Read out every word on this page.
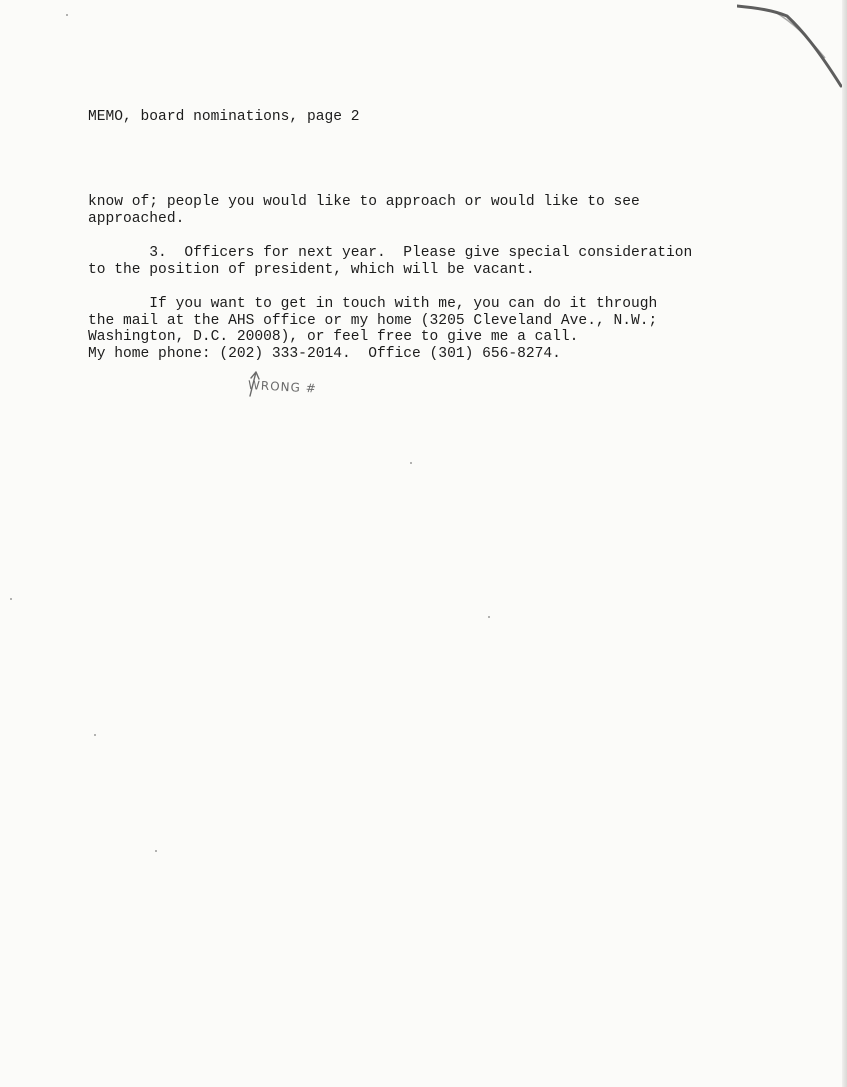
MEMO, board nominations, page 2

know of; people you would like to approach or would like to see
approached.

3.  Officers for next year.  Please give special consideration
to the position of president, which will be vacant.

If you want to get in touch with me, you can do it through
the mail at the AHS office or my home (3205 Cleveland Ave., N.W.;
Washington, D.C. 20008), or feel free to give me a call.
My home phone: (202) 333-2014.  Office (301) 656-8274.

WRONG #
